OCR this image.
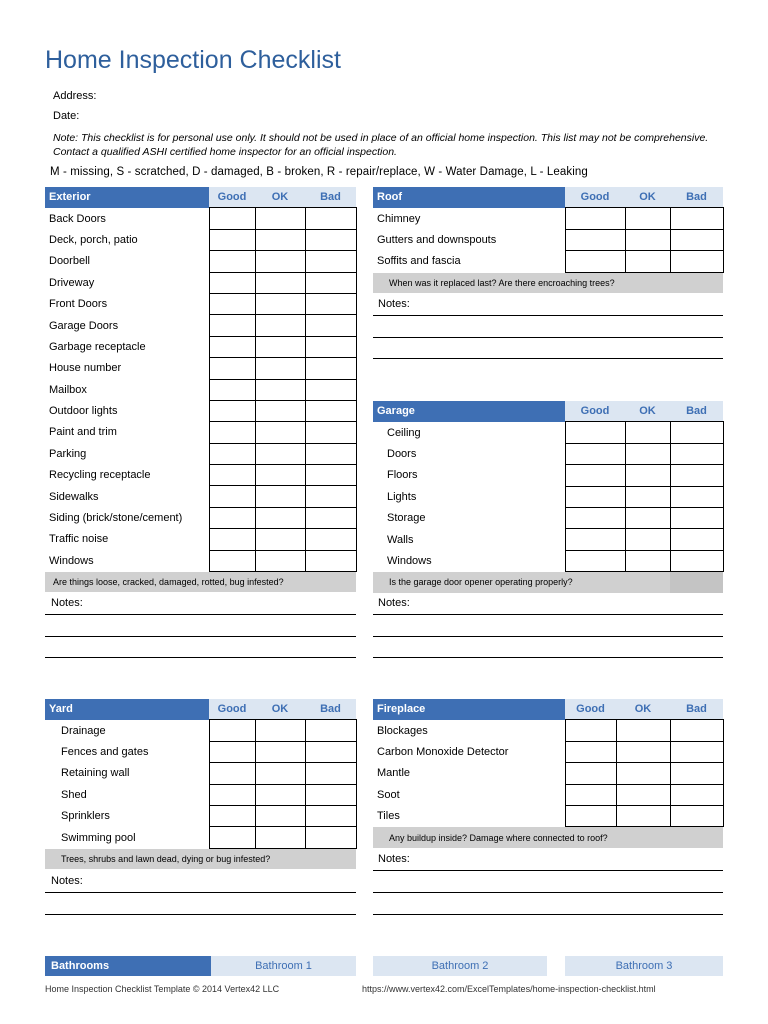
Home Inspection Checklist
Address:
Date:
Note: This checklist is for personal use only. It should not be used in place of an official home inspection. This list may not be comprehensive. Contact a qualified ASHI certified home inspector for an official inspection.
M - missing, S - scratched, D - damaged, B - broken, R - repair/replace, W - Water Damage, L - Leaking
Exterior	Good	OK	Bad
Back Doors			
Deck, porch, patio			
Doorbell			
Driveway			
Front Doors			
Garage Doors			
Garbage receptacle			
House number			
Mailbox			
Outdoor lights			
Paint and trim			
Parking			
Recycling receptacle			
Sidewalks			
Siding (brick/stone/cement)			
Traffic noise			
Windows			
Are things loose, cracked, damaged, rotted, bug infested?			
Notes:
Roof	Good	OK	Bad
Chimney			
Gutters and downspouts			
Soffits and fascia			
When was it replaced last? Are there encroaching trees?			
Notes:
Garage	Good	OK	Bad
Ceiling			
Doors			
Floors			
Lights			
Storage			
Walls			
Windows			
Is the garage door opener operating properly?			
Notes:
Yard	Good	OK	Bad
Drainage			
Fences and gates			
Retaining wall			
Shed			
Sprinklers			
Swimming pool			
Trees, shrubs and lawn dead, dying or bug infested?			
Notes:
Fireplace	Good	OK	Bad
Blockages			
Carbon Monoxide Detector			
Mantle			
Soot			
Tiles			
Any buildup inside? Damage where connected to roof?			
Notes:
Bathrooms	Bathroom 1	Bathroom 2	Bathroom 3
Home Inspection Checklist Template © 2014 Vertex42 LLC	https://www.vertex42.com/ExcelTemplates/home-inspection-checklist.html
